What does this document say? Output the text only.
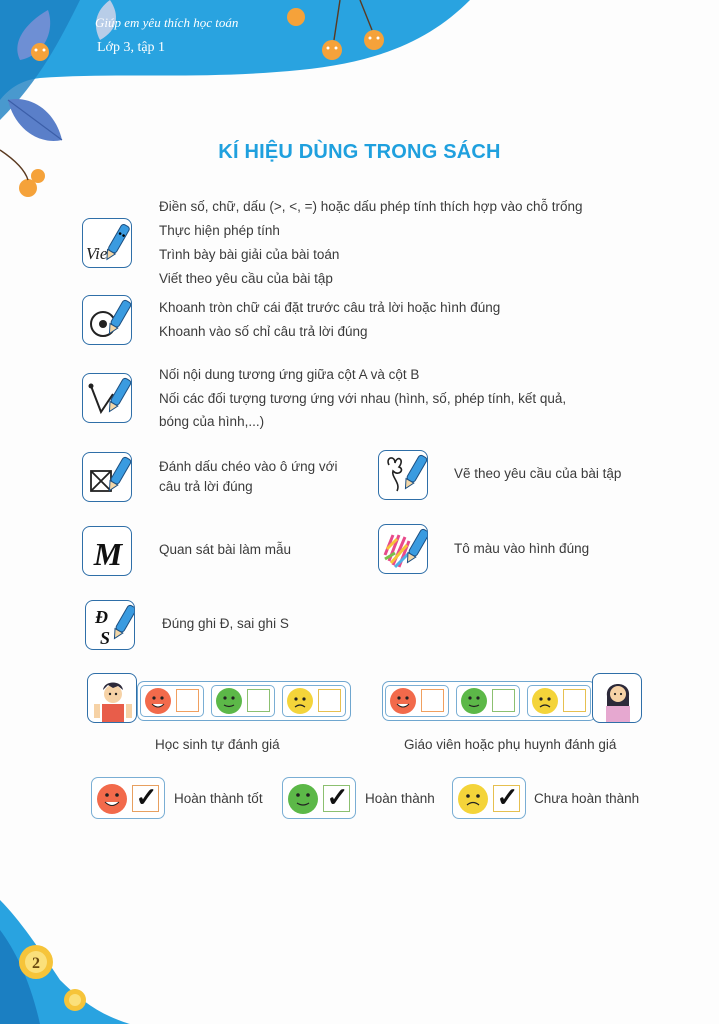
2
Giúp em yêu thích học toán
Lớp 3, tập 1
KÍ HIỆU DÙNG TRONG SÁCH
Vie
Điền số, chữ, dấu (>, <, =) hoặc dấu phép tính thích hợp vào chỗ trống
Thực hiện phép tính
Trình bày bài giải của bài toán
Viết theo yêu cầu của bài tập
Khoanh tròn chữ cái đặt trước câu trả lời hoặc hình đúng
Khoanh vào số chỉ câu trả lời đúng
Nối nội dung tương ứng giữa cột A và cột B
Nối các đối tượng tương ứng với nhau (hình, số, phép tính, kết quả,
bóng của hình,...)
Đánh dấu chéo vào ô ứng với
câu trả lời đúng
Vẽ theo yêu cầu của bài tập
M	Quan sát bài làm mẫu	Tô màu vào hình đúng
Đ
S
Đúng ghi Đ, sai ghi S
Học sinh tự đánh giá	Giáo viên hoặc phụ huynh đánh giá
✓ Hoàn thành tốt ✓ Hoàn thành ✓ Chưa hoàn thành
